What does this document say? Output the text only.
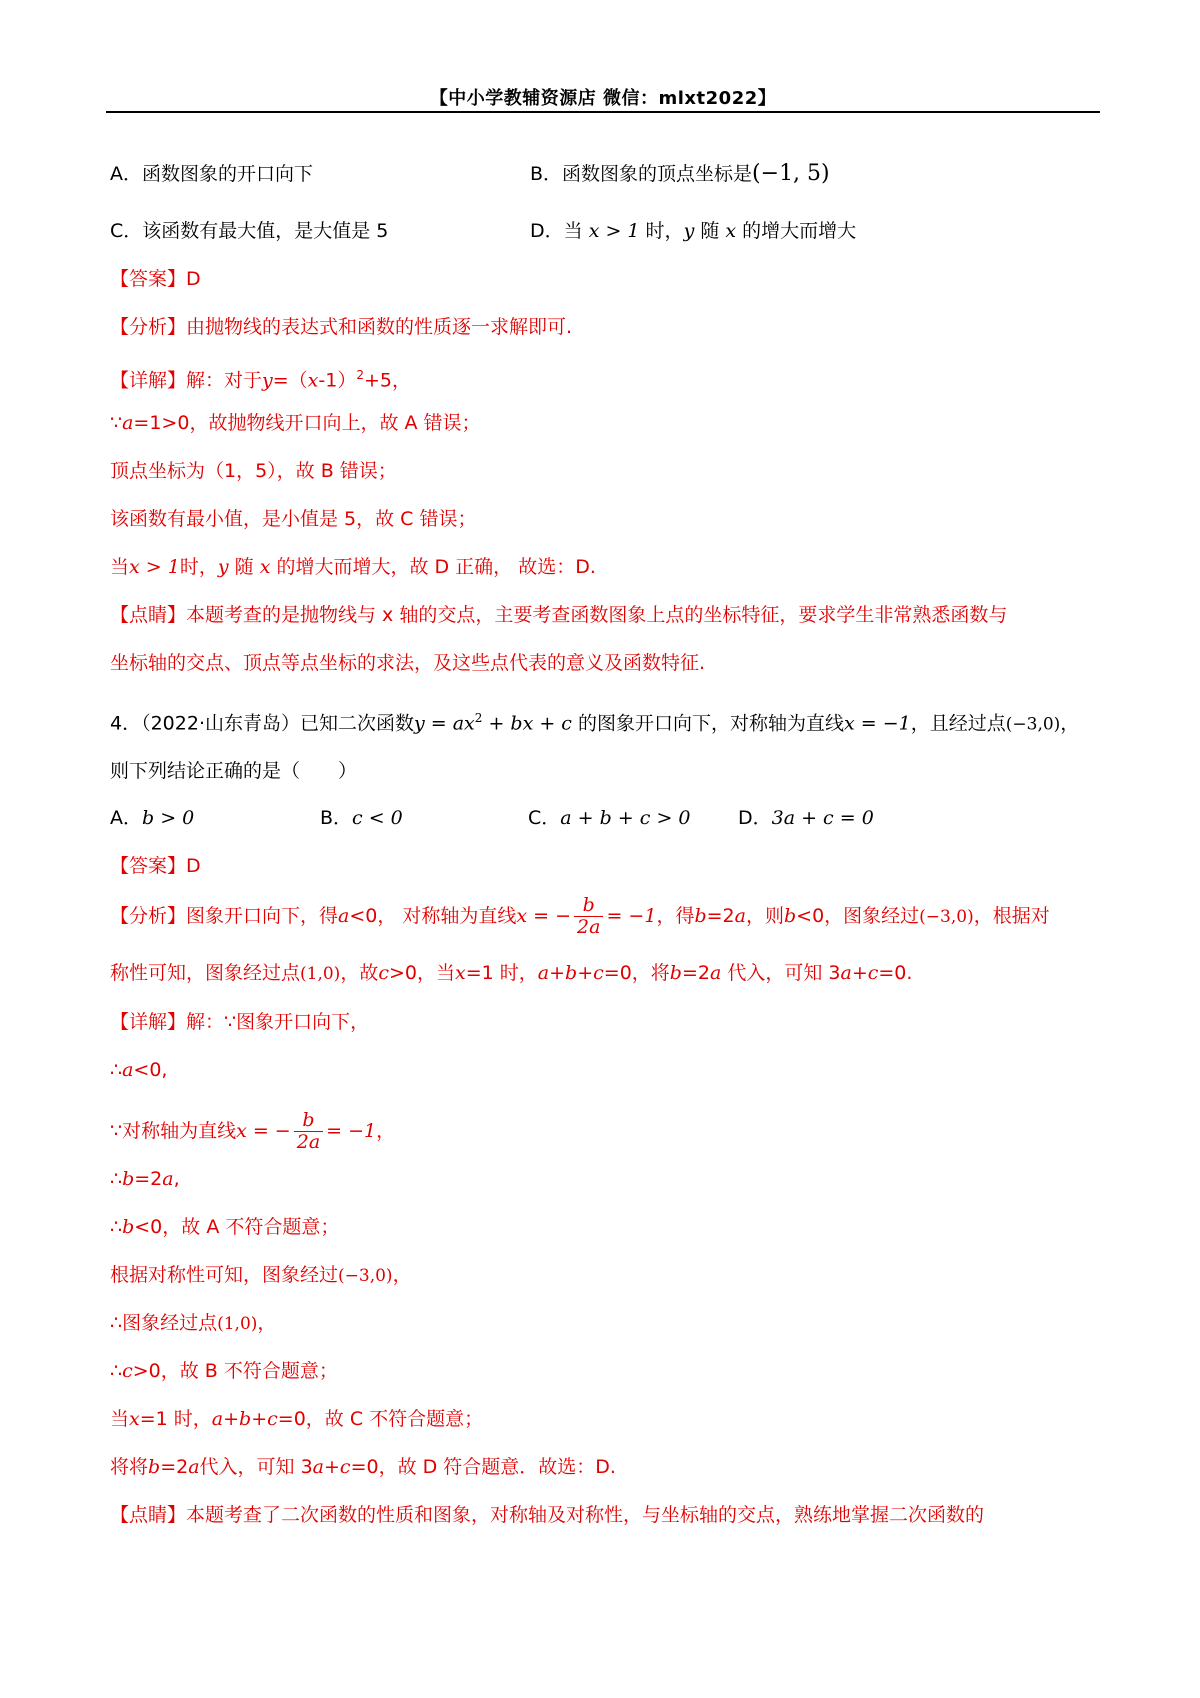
【中小学教辅资源店 微信：mlxt2022】
A．函数图象的开口向下	B．函数图象的顶点坐标是(−1, 5)
C．该函数有最大值，是大值是 5	D．当 x > 1 时，y 随 x 的增大而增大
【答案】D
【分析】由抛物线的表达式和函数的性质逐一求解即可.
【详解】解：对于$y=(x-1)^2+5$，
∵a=1>0，故抛物线开口向上，故 A 错误；
顶点坐标为（1，5），故 B 错误；
该函数有最小值，是小值是 5，故 C 错误；
当x > 1时，y 随 x 的增大而增大，故 D 正确， 故选：D.
【点睛】本题考查的是抛物线与 x 轴的交点，主要考查函数图象上点的坐标特征，要求学生非常熟悉函数与
坐标轴的交点、顶点等点坐标的求法，及这些点代表的意义及函数特征.
4．（2022·山东青岛）已知二次函数$y = ax^2$ + bx + c 的图象开口向下，对称轴为直线x = −1，且经过点(−3,0)，
则下列结论正确的是（　　）
A．b > 0	B．c < 0	C．a + b + c > 0	D．3a + c = 0
【答案】D
【分析】图象开口向下，得a<0， 对称轴为直线x = − $\frac{b}{2a} = -1$，得b=2a，则b<0，图象经过(−3,0)，根据对
称性可知，图象经过点(1,0)，故c>0，当x=1 时，a+b+c=0，将b=2a 代入，可知 3a+c=0.
【详解】解：∵图象开口向下，
∴a<0,
∵对称轴为直线x = − $\frac{b}{2a} = -1$，
∴b=2a,
∴b<0，故 A 不符合题意；
根据对称性可知，图象经过(−3,0)，
∴图象经过点(1,0)，
∴c>0，故 B 不符合题意；
当x=1 时，a+b+c=0，故 C 不符合题意；
将将b=2a代入，可知 3a+c=0，故 D 符合题意．故选：D.
【点睛】本题考查了二次函数的性质和图象，对称轴及对称性，与坐标轴的交点，熟练地掌握二次函数的
